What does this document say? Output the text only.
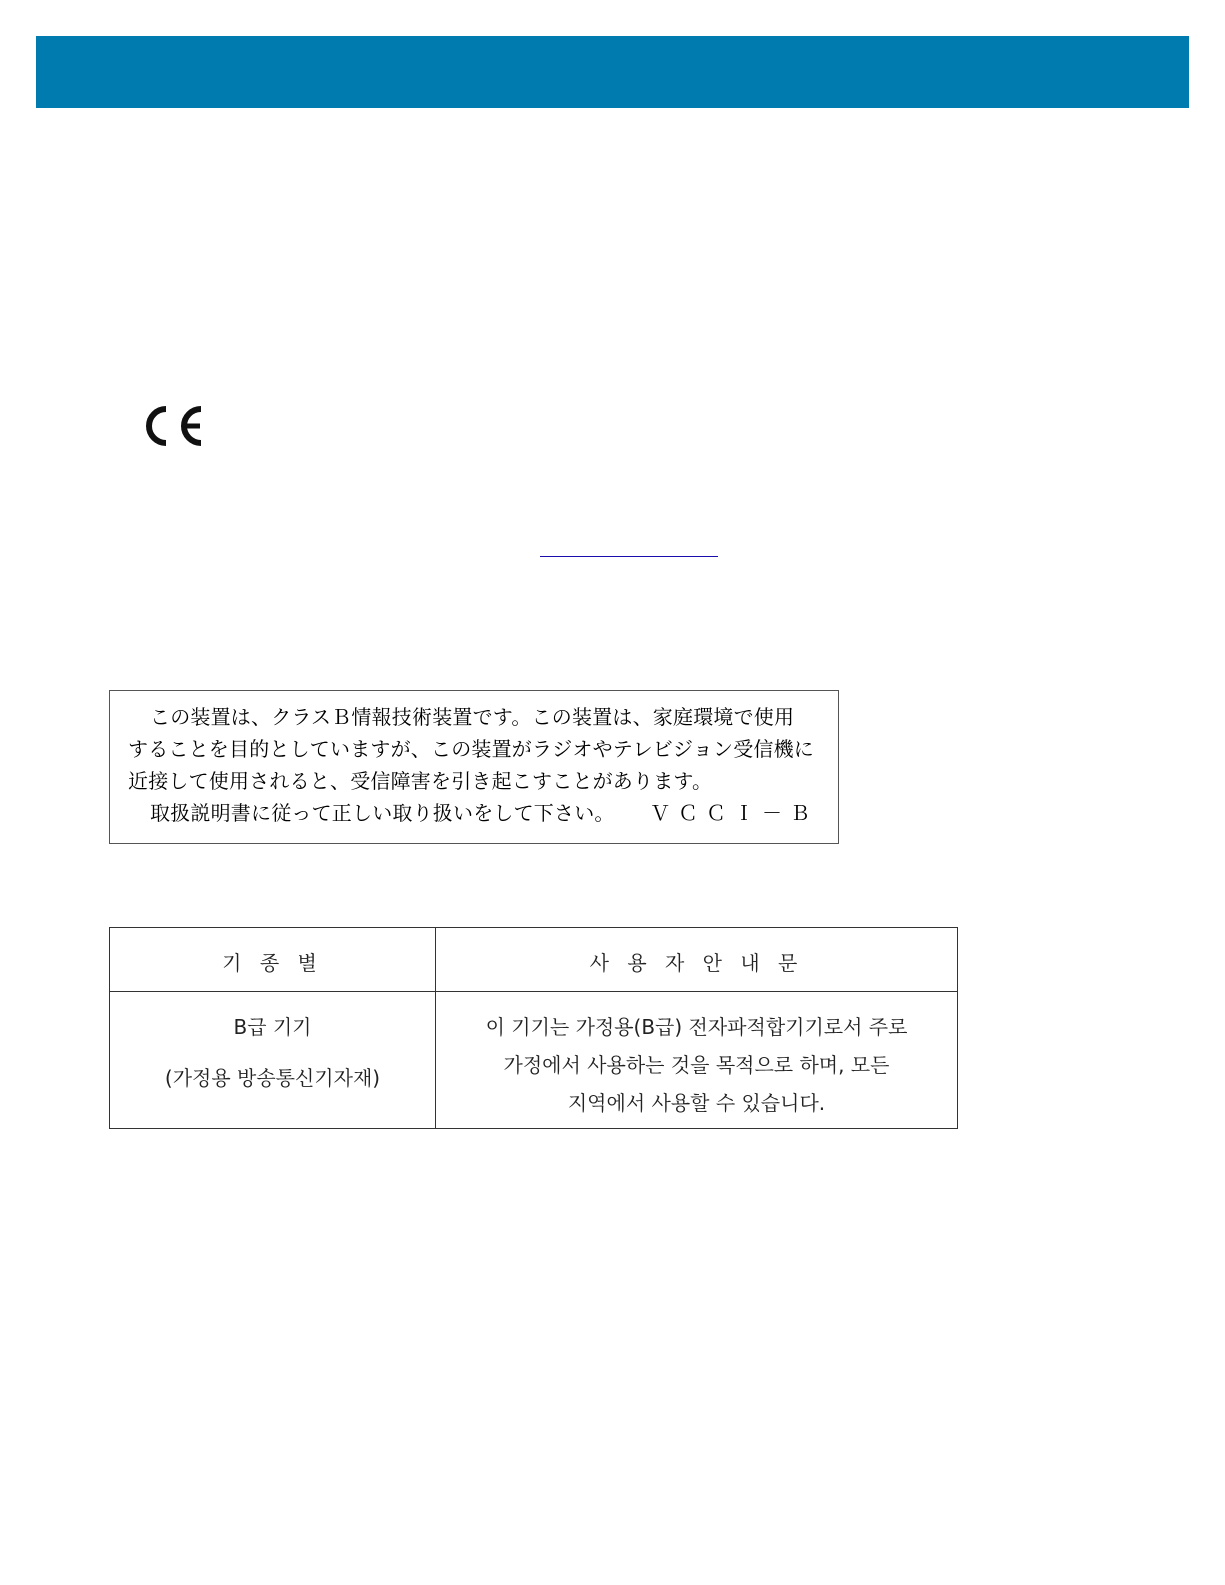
この装置は、クラスＢ情報技術装置です。この装置は、家庭環境で使用
することを目的としていますが、この装置がラジオやテレビジョン受信機に
近接して使用されると、受信障害を引き起こすことがあります。
取扱説明書に従って正しい取り扱いをして下さい。 ＶＣＣＩ－Ｂ
기 종 별	사 용 자 안 내 문
B급 기기
(가정용 방송통신기자재)
이 기기는 가정용(B급) 전자파적합기기로서 주로
가정에서 사용하는 것을 목적으로 하며, 모든
지역에서 사용할 수 있습니다.
